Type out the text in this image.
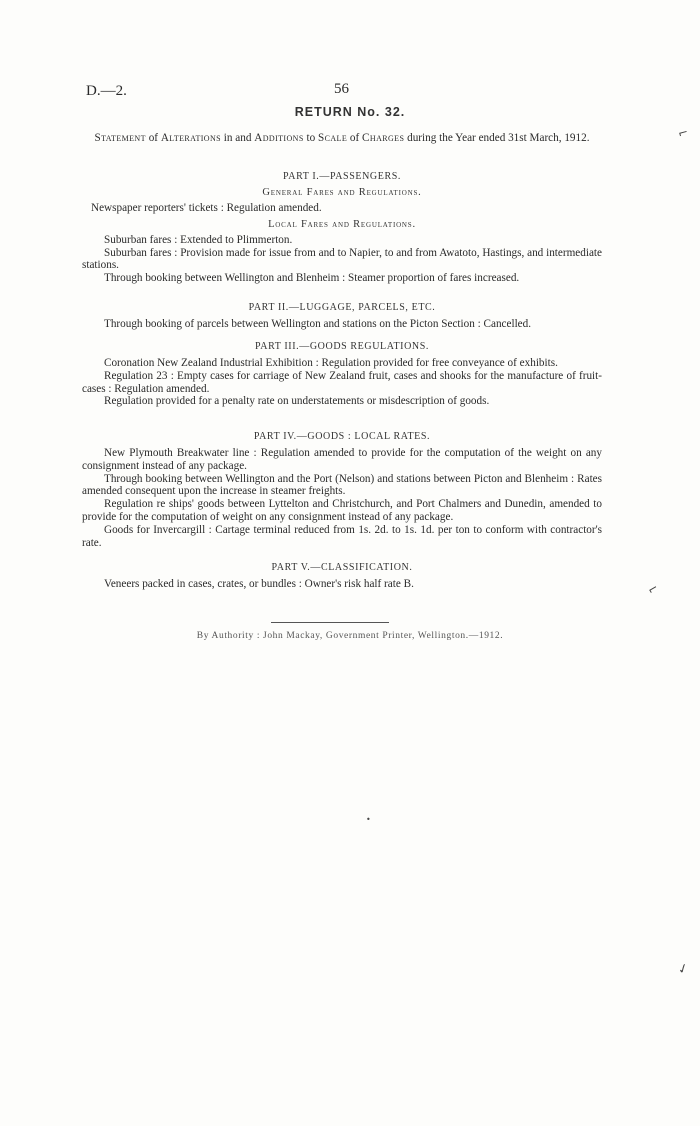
D.—2.	56
RETURN No. 32.
Statement of Alterations in and Additions to Scale of Charges during the Year ended 31st March, 1912.
PART I.—PASSENGERS.
General Fares and Regulations.

Newspaper reporters' tickets : Regulation amended.

Local Fares and Regulations.

Suburban fares : Extended to Plimmerton.

Suburban fares : Provision made for issue from and to Napier, to and from Awatoto, Hastings, and intermediate stations.

Through booking between Wellington and Blenheim : Steamer proportion of fares increased.

PART II.—LUGGAGE, PARCELS, ETC.

Through booking of parcels between Wellington and stations on the Picton Section : Cancelled.

PART III.—GOODS REGULATIONS.

Coronation New Zealand Industrial Exhibition : Regulation provided for free conveyance of exhibits.

Regulation 23 : Empty cases for carriage of New Zealand fruit, cases and shooks for the manufacture of fruit-cases : Regulation amended.

Regulation provided for a penalty rate on understatements or misdescription of goods.

PART IV.—GOODS : LOCAL RATES.

New Plymouth Breakwater line : Regulation amended to provide for the computation of the weight on any consignment instead of any package.

Through booking between Wellington and the Port (Nelson) and stations between Picton and Blenheim : Rates amended consequent upon the increase in steamer freights.

Regulation re ships' goods between Lyttelton and Christchurch, and Port Chalmers and Dunedin, amended to provide for the computation of weight on any consignment instead of any package.

Goods for Invercargill : Cartage terminal reduced from 1s. 2d. to 1s. 1d. per ton to conform with contractor's rate.

PART V.—CLASSIFICATION.

Veneers packed in cases, crates, or bundles : Owner's risk half rate B.

By Authority : John Mackay, Government Printer, Wellington.—1912.
⌐
⌐
•
✓
